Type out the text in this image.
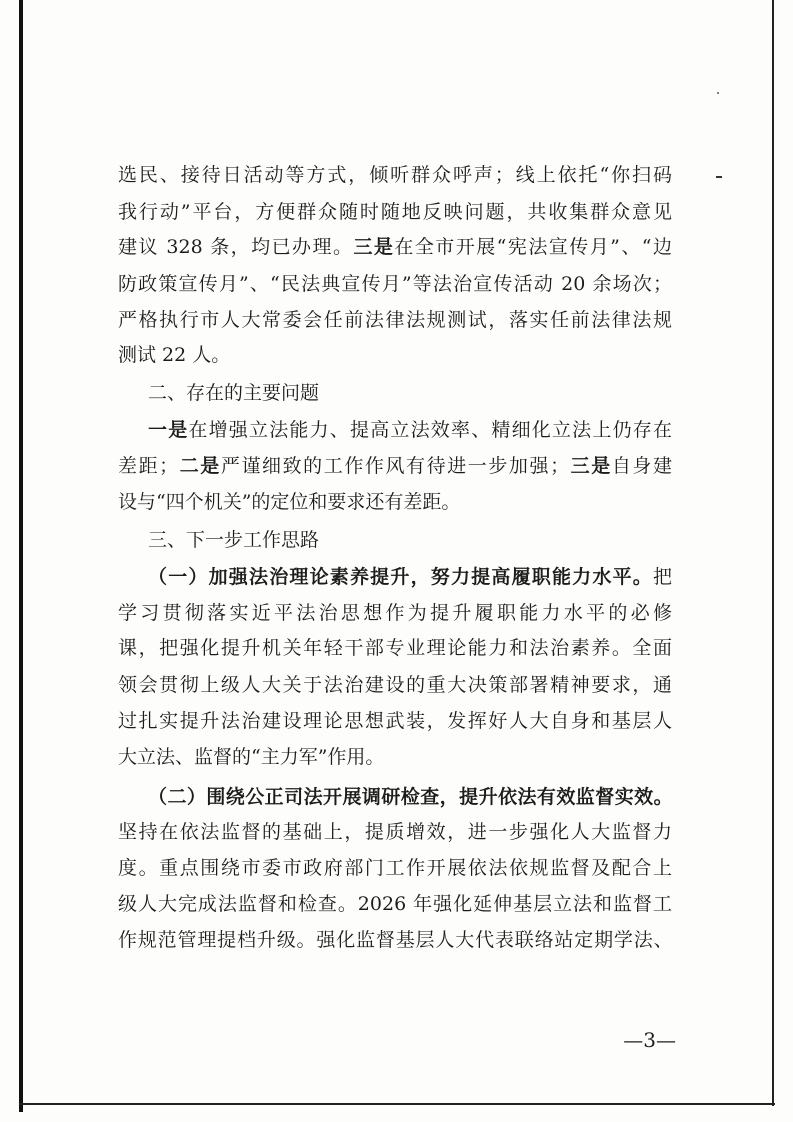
选民、接待日活动等方式，倾听群众呼声；线上依托“你扫码
我行动”平台，方便群众随时随地反映问题，共收集群众意见
建议 328 条，均已办理。三是在全市开展“宪法宣传月”、“边
防政策宣传月”、“民法典宣传月”等法治宣传活动 20 余场次；
严格执行市人大常委会任前法律法规测试，落实任前法律法规
测试 22 人。
二、存在的主要问题
一是在增强立法能力、提高立法效率、精细化立法上仍存在
差距；二是严谨细致的工作作风有待进一步加强；三是自身建
设与“四个机关”的定位和要求还有差距。
三、下一步工作思路
（一）加强法治理论素养提升，努力提高履职能力水平。把
学习贯彻落实近平法治思想作为提升履职能力水平的必修
课，把强化提升机关年轻干部专业理论能力和法治素养。全面
领会贯彻上级人大关于法治建设的重大决策部署精神要求，通
过扎实提升法治建设理论思想武装，发挥好人大自身和基层人
大立法、监督的“主力军”作用。
（二）围绕公正司法开展调研检查，提升依法有效监督实效。
坚持在依法监督的基础上，提质增效，进一步强化人大监督力
度。重点围绕市委市政府部门工作开展依法依规监督及配合上
级人大完成法监督和检查。2026 年强化延伸基层立法和监督工
作规范管理提档升级。强化监督基层人大代表联络站定期学法、
—3—
